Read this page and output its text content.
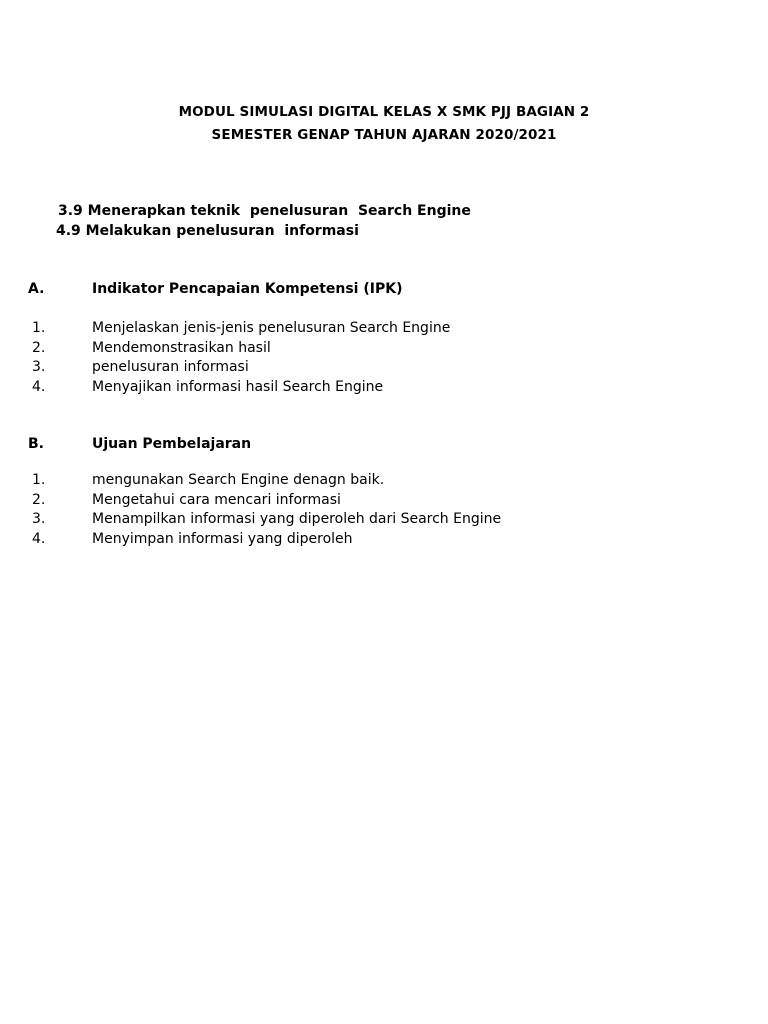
MODUL SIMULASI DIGITAL KELAS X SMK PJJ BAGIAN 2
SEMESTER GENAP TAHUN AJARAN 2020/2021
3.9 Menerapkan teknik  penelusuran  Search Engine
4.9 Melakukan penelusuran  informasi
A.	Indikator Pencapaian Kompetensi (IPK)
1.	Menjelaskan jenis-jenis penelusuran Search Engine
2.	Mendemonstrasikan hasil
3.	penelusuran informasi
4.	Menyajikan informasi hasil Search Engine
B.	Ujuan Pembelajaran
1.	mengunakan Search Engine denagn baik.
2.	Mengetahui cara mencari informasi
3.	Menampilkan informasi yang diperoleh dari Search Engine
4.	Menyimpan informasi yang diperoleh
